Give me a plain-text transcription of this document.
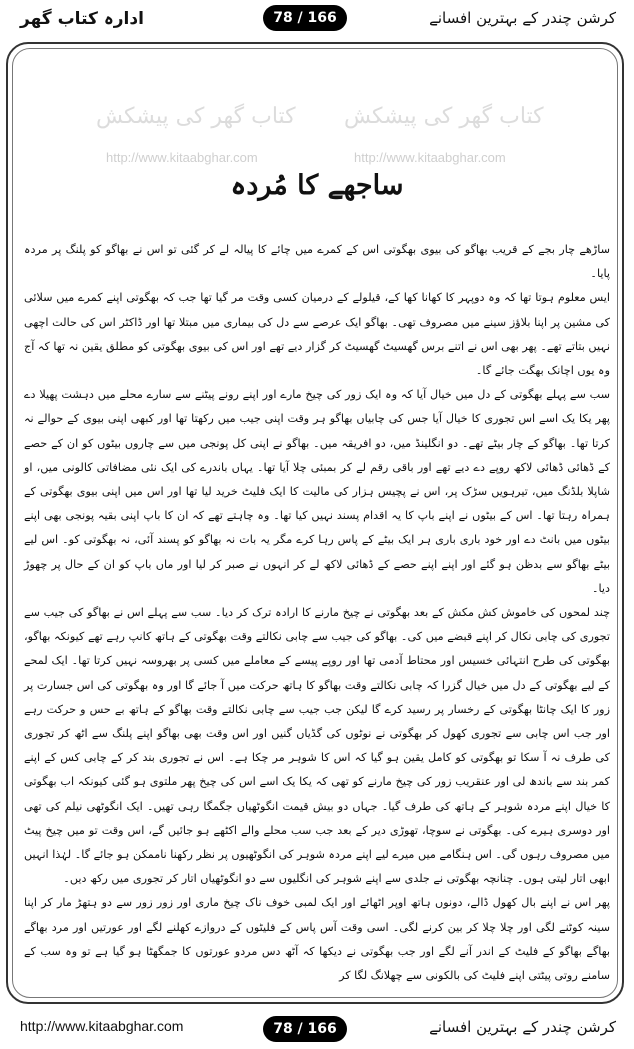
ادارہ کتاب گھر	78 / 166	کرشن چندر کے بہترین افسانے
کتاب گھر کی پیشکش کتاب گھر کی پیشکش
http://www.kitaabghar.com	http://www.kitaabghar.com
ساجھے کا مُردہ

ساڑھے چار بجے کے قریب بھاگو کی بیوی بھگوتی اس کے کمرے میں چائے کا پیالہ لے کر گئی تو اس نے بھاگو کو پلنگ پر مردہ پایا۔

ایس معلوم ہوتا تھا کہ وہ دوپہر کا کھانا کھا کے، قیلولے کے درمیان کسی وقت مر گیا تھا جب کہ بھگوتی اپنے کمرے میں سلائی کی مشین پر اپنا بلاؤز سینے میں مصروف تھی۔ بھاگو ایک عرصے سے دل کی بیماری میں مبتلا تھا اور ڈاکٹر اس کی حالت اچھی نہیں بتاتے تھے۔ پھر بھی اس نے اتنے برس گھسیٹ گھسیٹ کر گزار دیے تھے اور اس کی بیوی بھگوتی کو مطلق یقین نہ تھا کہ آج وہ یوں اچانک بھگت جائے گا۔

سب سے پہلے بھگوتی کے دل میں خیال آیا کہ وہ ایک زور کی چیخ مارے اور اپنے رونے پیٹنے سے سارے محلے میں دہشت پھیلا دے پھر یکا یک اسے اس تجوری کا خیال آیا جس کی چابیاں بھاگو ہر وقت اپنی جیب میں رکھتا تھا اور کبھی اپنی بیوی کے حوالے نہ کرتا تھا۔ بھاگو کے چار بیٹے تھے۔ دو انگلینڈ میں، دو افریقہ میں۔ بھاگو نے اپنی کل پونجی میں سے چاروں بیٹوں کو ان کے حصے کے ڈھائی ڈھائی لاکھ روپے دے دیے تھے اور باقی رقم لے کر بمبئی چلا آیا تھا۔ یہاں باندرے کی ایک نئی مضافاتی کالونی میں، او شاپلا بلڈنگ میں، تیرہویں سڑک پر، اس نے پچیس ہزار کی مالیت کا ایک فلیٹ خرید لیا تھا اور اس میں اپنی بیوی بھگوتی کے ہمراہ رہتا تھا۔ اس کے بیٹوں نے اپنے باپ کا یہ اقدام پسند نہیں کیا تھا۔ وہ چاہتے تھے کہ ان کا باپ اپنی بقیہ پونجی بھی اپنے بیٹوں میں بانٹ دے اور خود باری باری ہر ایک بیٹے کے پاس رہا کرے مگر یہ بات نہ بھاگو کو پسند آئی، نہ بھگوتی کو۔ اس لیے بیٹے بھاگو سے بدظن ہو گئے اور اپنے اپنے حصے کے ڈھائی لاکھ لے کر انہوں نے صبر کر لیا اور ماں باپ کو ان کے حال پر چھوڑ دیا۔

چند لمحوں کی خاموش کش مکش کے بعد بھگوتی نے چیخ مارنے کا ارادہ ترک کر دیا۔ سب سے پہلے اس نے بھاگو کی جیب سے تجوری کی چابی نکال کر اپنے قبضے میں کی۔ بھاگو کی جیب سے چابی نکالتے وقت بھگوتی کے ہاتھ کانپ رہے تھے کیونکہ بھاگو، بھگوتی کی طرح انتہائی خسیس اور محتاط آدمی تھا اور روپے پیسے کے معاملے میں کسی پر بھروسہ نہیں کرتا تھا۔ ایک لمحے کے لیے بھگوتی کے دل میں خیال گزرا کہ چابی نکالتے وقت بھاگو کا ہاتھ حرکت میں آ جائے گا اور وہ بھگوتی کی اس جسارت پر زور کا ایک چانٹا بھگوتی کے رخسار پر رسید کرے گا لیکن جب جیب سے چابی نکالتے وقت بھاگو کے ہاتھ بے حس و حرکت رہے اور جب اس چابی سے تجوری کھول کر بھگوتی نے نوٹوں کی گڈیاں گنیں اور اس وقت بھی بھاگو اپنے پلنگ سے اٹھ کر تجوری کی طرف نہ آ سکا تو بھگوتی کو کامل یقین ہو گیا کہ اس کا شوہر مر چکا ہے۔ اس نے تجوری بند کر کے چابی کس کے اپنے کمر بند سے باندھ لی اور عنقریب زور کی چیخ مارنے کو تھی کہ یکا یک اسے اس کی چیخ پھر ملتوی ہو گئی کیونکہ اب بھگوتی کا خیال اپنے مردہ شوہر کے ہاتھ کی طرف گیا۔ جہاں دو بیش قیمت انگوٹھیاں جگمگا رہی تھیں۔ ایک انگوٹھی نیلم کی تھی اور دوسری ہیرے کی۔ بھگوتی نے سوچا، تھوڑی دیر کے بعد جب سب محلے والے اکٹھے ہو جائیں گے، اس وقت تو میں چیخ پیٹ میں مصروف رہوں گی۔ اس ہنگامے میں میرے لیے اپنے مردہ شوہر کی انگوٹھیوں پر نظر رکھنا ناممکن ہو جائے گا۔ لہٰذا انہیں ابھی اتار لیتی ہوں۔ چنانچہ بھگوتی نے جلدی سے اپنے شوہر کی انگلیوں سے دو انگوٹھیاں اتار کر تجوری میں رکھ دیں۔

پھر اس نے اپنے بال کھول ڈالے، دونوں ہاتھ اوپر اٹھائے اور ایک لمبی خوف ناک چیخ ماری اور زور زور سے دو ہتھڑ مار کر اپنا سینہ کوٹنے لگی اور چلا چلا کر بین کرنے لگی۔ اسی وقت آس پاس کے فلیٹوں کے دروازے کھلنے لگے اور عورتیں اور مرد بھاگے بھاگے بھاگو کے فلیٹ کے اندر آنے لگے اور جب بھگوتی نے دیکھا کہ آٹھ دس مردو عورتوں کا جمگھٹا ہو گیا ہے تو وہ سب کے سامنے روتی پیٹتی اپنے فلیٹ کی بالکونی سے چھلانگ لگا کر

http://www.kitaabghar.com	78 / 166	کرشن چندر کے بہترین افسانے
